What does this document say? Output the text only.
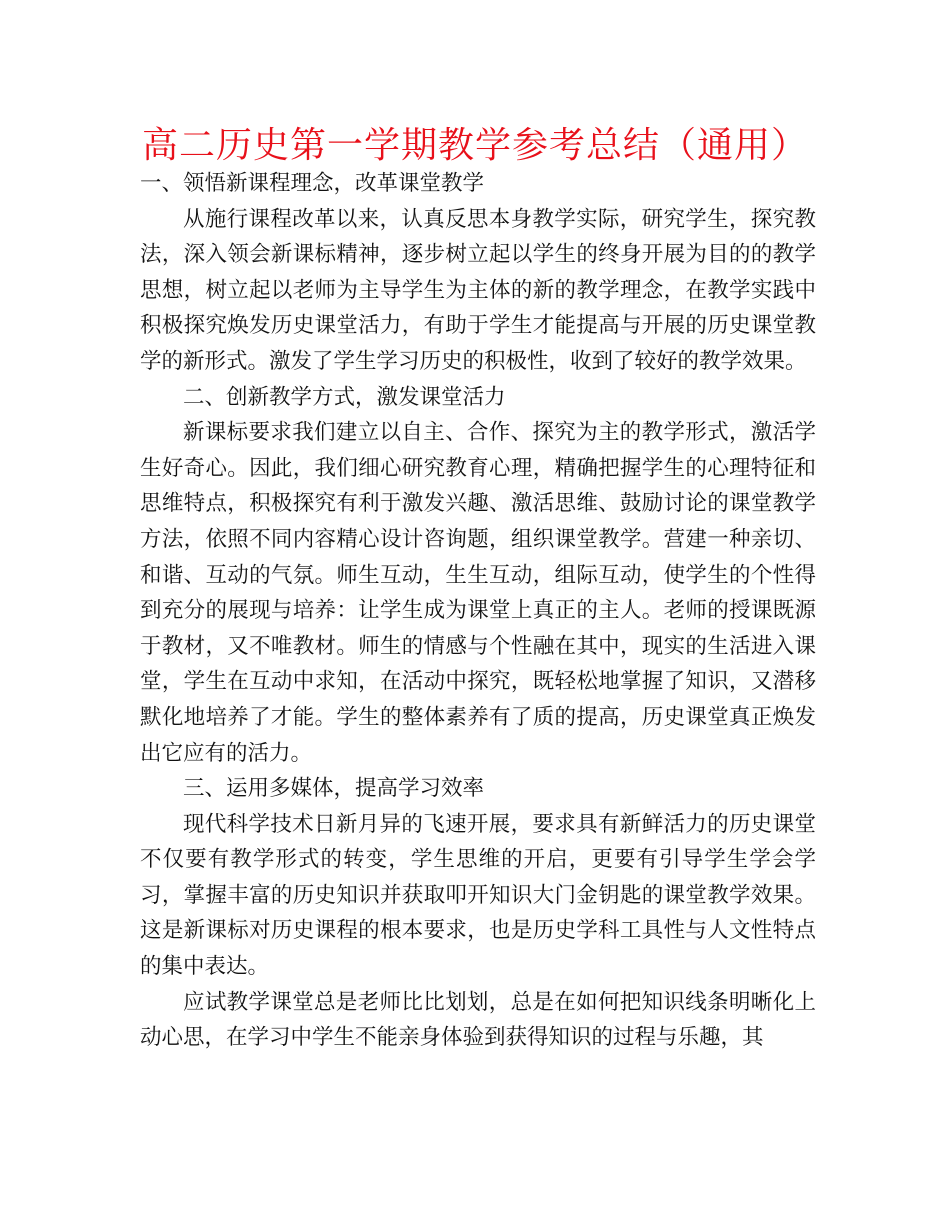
高二历史第一学期教学参考总结（通用）

一、领悟新课程理念，改革课堂教学

从施行课程改革以来，认真反思本身教学实际，研究学生，探究教法，深入领会新课标精神，逐步树立起以学生的终身开展为目的的教学思想，树立起以老师为主导学生为主体的新的教学理念，在教学实践中积极探究焕发历史课堂活力，有助于学生才能提高与开展的历史课堂教学的新形式。激发了学生学习历史的积极性，收到了较好的教学效果。

二、创新教学方式，激发课堂活力

新课标要求我们建立以自主、合作、探究为主的教学形式，激活学生好奇心。因此，我们细心研究教育心理，精确把握学生的心理特征和思维特点，积极探究有利于激发兴趣、激活思维、鼓励讨论的课堂教学方法，依照不同内容精心设计咨询题，组织课堂教学。营建一种亲切、和谐、互动的气氛。师生互动，生生互动，组际互动，使学生的个性得到充分的展现与培养：让学生成为课堂上真正的主人。老师的授课既源于教材，又不唯教材。师生的情感与个性融在其中，现实的生活进入课堂，学生在互动中求知，在活动中探究，既轻松地掌握了知识，又潜移默化地培养了才能。学生的整体素养有了质的提高，历史课堂真正焕发出它应有的活力。

三、运用多媒体，提高学习效率

现代科学技术日新月异的飞速开展，要求具有新鲜活力的历史课堂不仅要有教学形式的转变，学生思维的开启，更要有引导学生学会学习，掌握丰富的历史知识并获取叩开知识大门金钥匙的课堂教学效果。这是新课标对历史课程的根本要求，也是历史学科工具性与人文性特点的集中表达。

应试教学课堂总是老师比比划划，总是在如何把知识线条明晰化上动心思，在学习中学生不能亲身体验到获得知识的过程与乐趣，其
